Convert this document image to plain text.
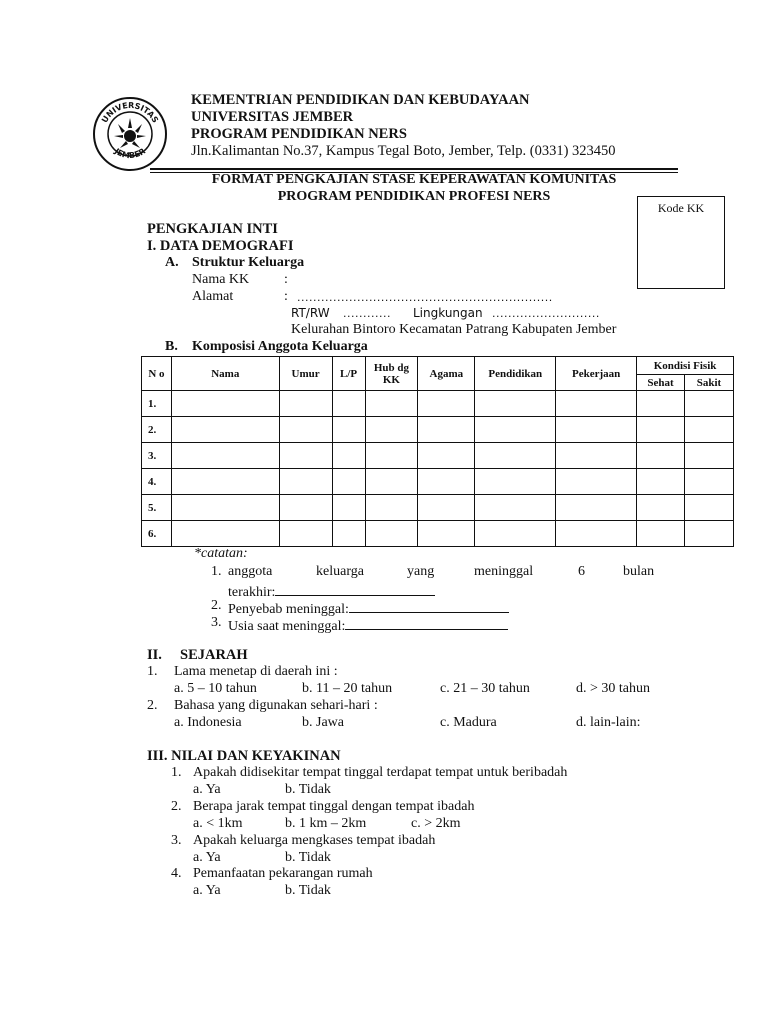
UNIVERSITAS
JEMBER
KEMENTRIAN PENDIDIKAN DAN KEBUDAYAAN
UNIVERSITAS JEMBER
PROGRAM PENDIDIKAN NERS
Jln.Kalimantan No.37, Kampus Tegal Boto, Jember, Telp. (0331) 323450
FORMAT PENGKAJIAN STASE KEPERAWATAN KOMUNITAS
PROGRAM PENDIDIKAN PROFESI NERS
Kode KK
PENGKAJIAN INTI
I. DATA DEMOGRAFI
A. Struktur Keluarga
Nama KK :
Alamat	: ................................................................
RT/RW ............ Lingkungan ...........................
Kelurahan Bintoro Kecamatan Patrang Kabupaten Jember
B. Komposisi Anggota Keluarga
N o	Nama	Umur	L/P	Hub dg KK	Agama	Pendidikan	Pekerjaan	Kondisi Fisik	
								Sehat	Sakit
1.									
2.									
3.									
4.									
5.									
6.									
*catatan:
1. anggota	keluarga	yang	meninggal	6	bulan
terakhir:
2. Penyebab meninggal:
3. Usia saat meninggal:
II. SEJARAH
1. Lama menetap di daerah ini :
a. 5 – 10 tahun	b. 11 – 20 tahun	c. 21 – 30 tahun	d. > 30 tahun
2. Bahasa yang digunakan sehari-hari :
a. Indonesia	b. Jawa	c. Madura	d. lain-lain:
III. NILAI DAN KEYAKINAN
1. Apakah didisekitar tempat tinggal terdapat tempat untuk beribadah
a. Ya	b. Tidak
2. Berapa jarak tempat tinggal dengan tempat ibadah
a. < 1km	b. 1 km – 2km	c. > 2km
3. Apakah keluarga mengkases tempat ibadah
a. Ya	b. Tidak
4. Pemanfaatan pekarangan rumah
a. Ya	b. Tidak
